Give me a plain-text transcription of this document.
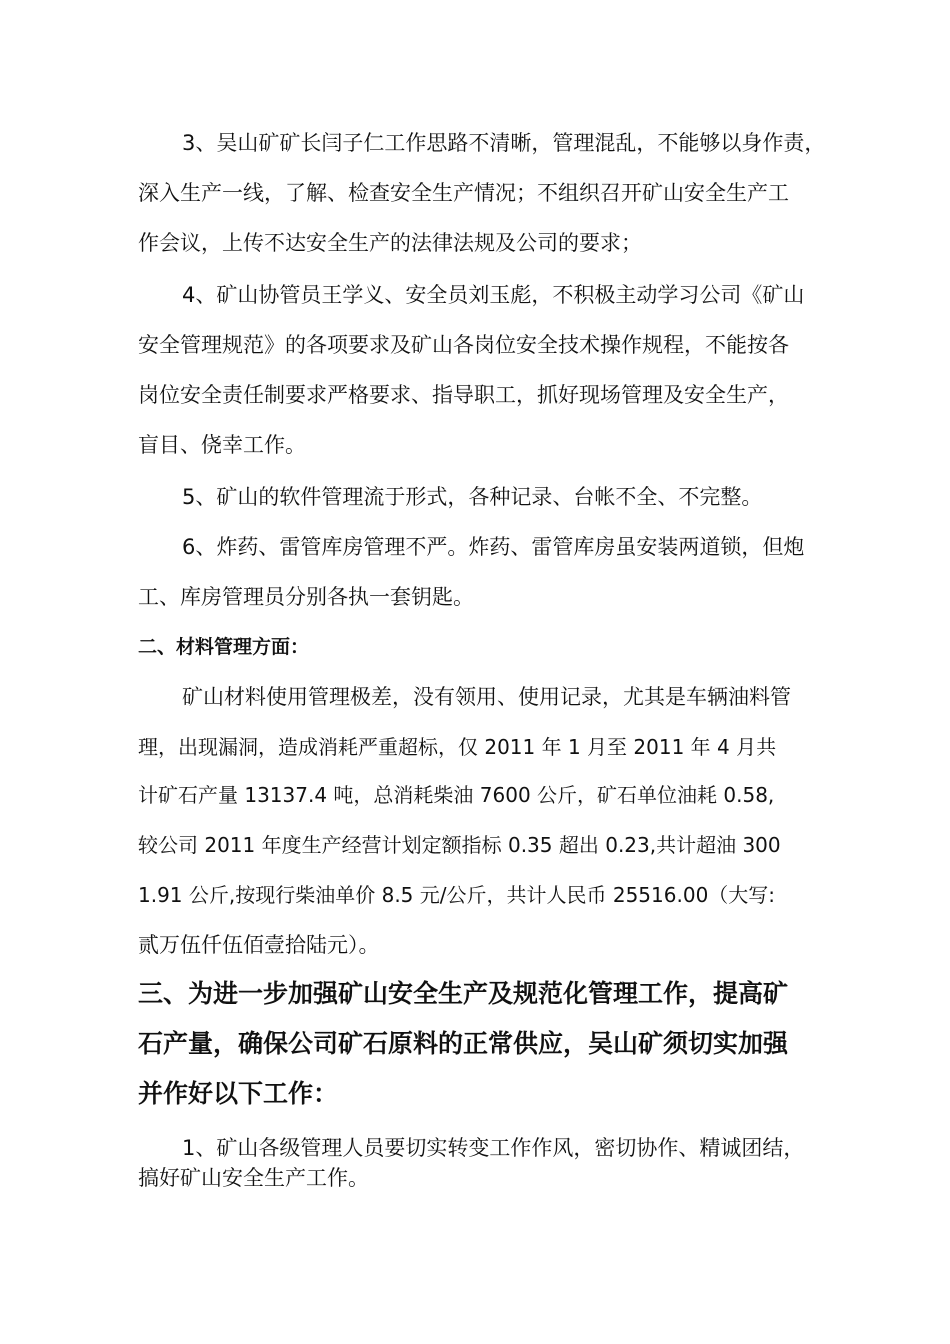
3、吴山矿矿长闫子仁工作思路不清晰，管理混乱，不能够以身作责，
深入生产一线，了解、检查安全生产情况；不组织召开矿山安全生产工
作会议，上传不达安全生产的法律法规及公司的要求；
4、矿山协管员王学义、安全员刘玉彪，不积极主动学习公司《矿山
安全管理规范》的各项要求及矿山各岗位安全技术操作规程，不能按各
岗位安全责任制要求严格要求、指导职工，抓好现场管理及安全生产，
盲目、侥幸工作。
5、矿山的软件管理流于形式，各种记录、台帐不全、不完整。
6、炸药、雷管库房管理不严。炸药、雷管库房虽安装两道锁，但炮
工、库房管理员分别各执一套钥匙。
二、材料管理方面：
矿山材料使用管理极差，没有领用、使用记录，尤其是车辆油料管
理，出现漏洞，造成消耗严重超标，仅 2011 年 1 月至 2011 年 4 月共
计矿石产量 13137.4 吨，总消耗柴油 7600 公斤，矿石单位油耗 0.58,
较公司 2011 年度生产经营计划定额指标 0.35 超出 0.23,共计超油 300
1.91 公斤,按现行柴油单价 8.5 元/公斤，共计人民币 25516.00（大写:
贰万伍仟伍佰壹拾陆元）。
三、为进一步加强矿山安全生产及规范化管理工作，提高矿
石产量，确保公司矿石原料的正常供应，吴山矿须切实加强
并作好以下工作：
1、矿山各级管理人员要切实转变工作作风，密切协作、精诚团结，
搞好矿山安全生产工作。
